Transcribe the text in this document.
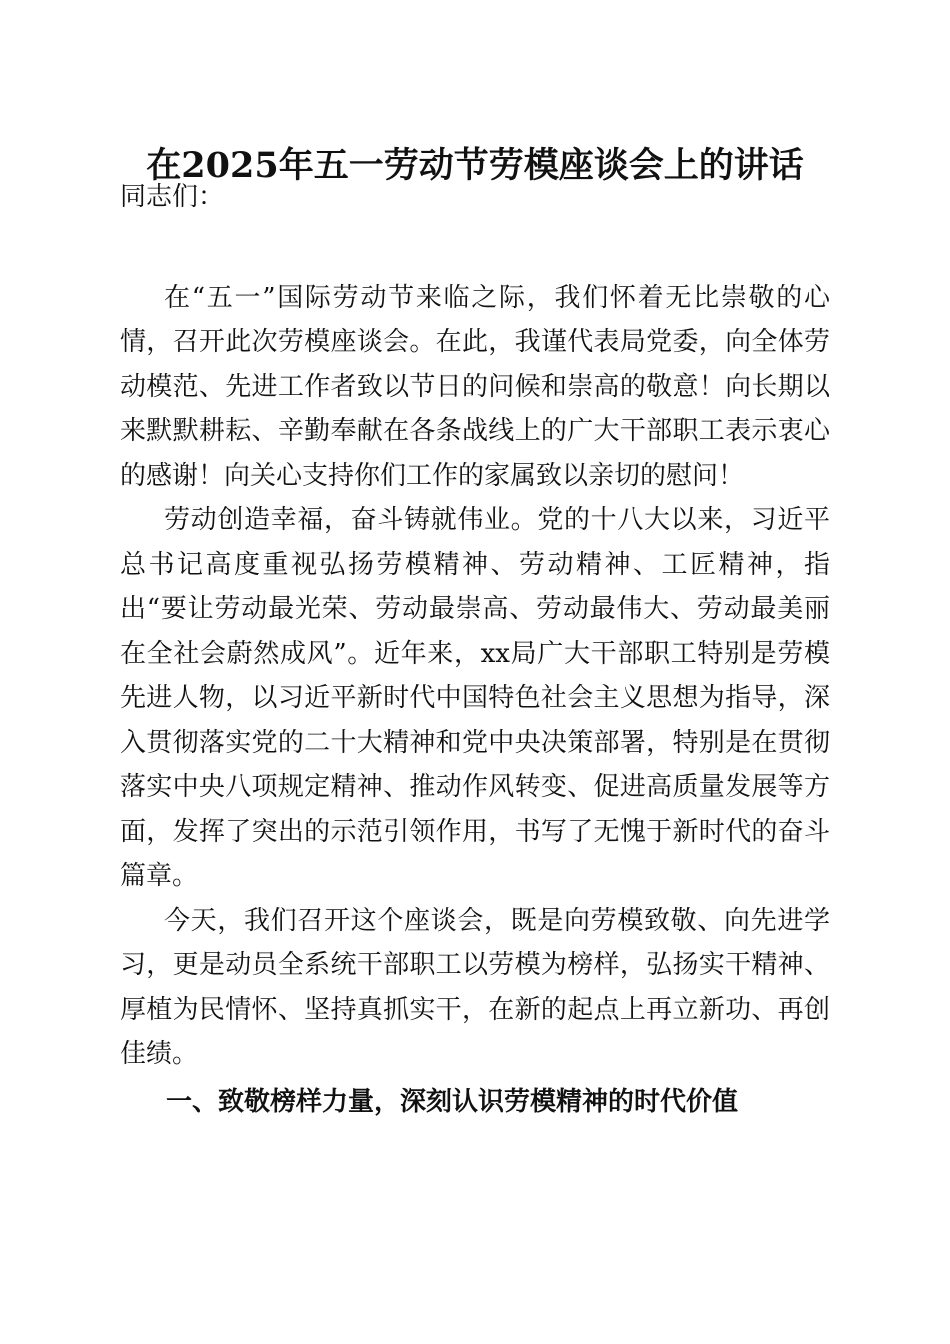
在2025年五一劳动节劳模座谈会上的讲话
同志们：
在“五一”国际劳动节来临之际，我们怀着无比崇敬的心
情，召开此次劳模座谈会。在此，我谨代表局党委，向全体劳
动模范、先进工作者致以节日的问候和崇高的敬意！向长期以
来默默耕耘、辛勤奉献在各条战线上的广大干部职工表示衷心
的感谢！向关心支持你们工作的家属致以亲切的慰问！
劳动创造幸福，奋斗铸就伟业。党的十八大以来，习近平
总书记高度重视弘扬劳模精神、劳动精神、工匠精神，指
出“要让劳动最光荣、劳动最崇高、劳动最伟大、劳动最美丽
在全社会蔚然成风”。近年来，xx局广大干部职工特别是劳模
先进人物，以习近平新时代中国特色社会主义思想为指导，深
入贯彻落实党的二十大精神和党中央决策部署，特别是在贯彻
落实中央八项规定精神、推动作风转变、促进高质量发展等方
面，发挥了突出的示范引领作用，书写了无愧于新时代的奋斗
篇章。
今天，我们召开这个座谈会，既是向劳模致敬、向先进学
习，更是动员全系统干部职工以劳模为榜样，弘扬实干精神、
厚植为民情怀、坚持真抓实干，在新的起点上再立新功、再创
佳绩。
一、致敬榜样力量，深刻认识劳模精神的时代价值
